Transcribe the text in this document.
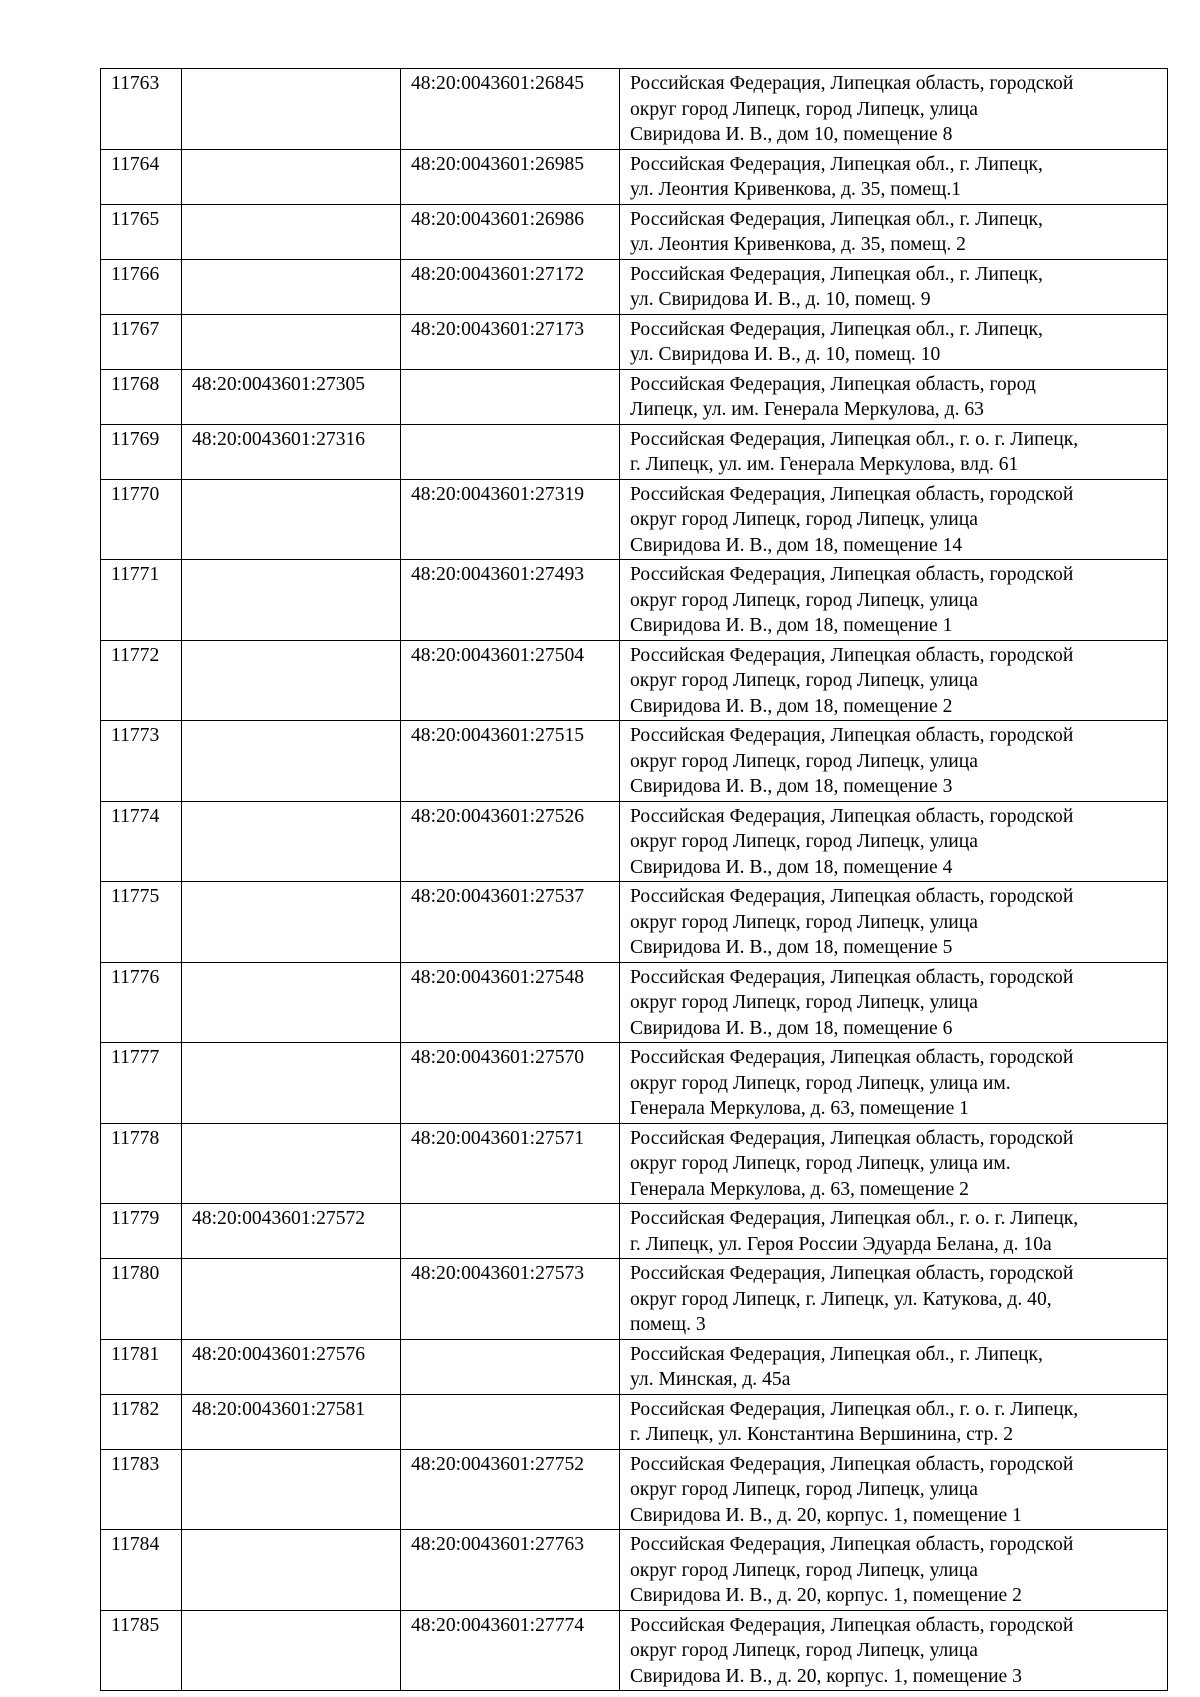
11763		48:20:0043601:26845	Российская Федерация, Липецкая область, городской
округ город Липецк, город Липецк, улица
Свиридова И. В., дом 10, помещение 8
11764		48:20:0043601:26985	Российская Федерация, Липецкая обл., г. Липецк,
ул. Леонтия Кривенкова, д. 35, помещ.1
11765		48:20:0043601:26986	Российская Федерация, Липецкая обл., г. Липецк,
ул. Леонтия Кривенкова, д. 35, помещ. 2
11766		48:20:0043601:27172	Российская Федерация, Липецкая обл., г. Липецк,
ул. Свиридова И. В., д. 10, помещ. 9
11767		48:20:0043601:27173	Российская Федерация, Липецкая обл., г. Липецк,
ул. Свиридова И. В., д. 10, помещ. 10
11768	48:20:0043601:27305		Российская Федерация, Липецкая область, город
Липецк, ул. им. Генерала Меркулова, д. 63
11769	48:20:0043601:27316		Российская Федерация, Липецкая обл., г. о. г. Липецк,
г. Липецк, ул. им. Генерала Меркулова, влд. 61
11770		48:20:0043601:27319	Российская Федерация, Липецкая область, городской
округ город Липецк, город Липецк, улица
Свиридова И. В., дом 18, помещение 14
11771		48:20:0043601:27493	Российская Федерация, Липецкая область, городской
округ город Липецк, город Липецк, улица
Свиридова И. В., дом 18, помещение 1
11772		48:20:0043601:27504	Российская Федерация, Липецкая область, городской
округ город Липецк, город Липецк, улица
Свиридова И. В., дом 18, помещение 2
11773		48:20:0043601:27515	Российская Федерация, Липецкая область, городской
округ город Липецк, город Липецк, улица
Свиридова И. В., дом 18, помещение 3
11774		48:20:0043601:27526	Российская Федерация, Липецкая область, городской
округ город Липецк, город Липецк, улица
Свиридова И. В., дом 18, помещение 4
11775		48:20:0043601:27537	Российская Федерация, Липецкая область, городской
округ город Липецк, город Липецк, улица
Свиридова И. В., дом 18, помещение 5
11776		48:20:0043601:27548	Российская Федерация, Липецкая область, городской
округ город Липецк, город Липецк, улица
Свиридова И. В., дом 18, помещение 6
11777		48:20:0043601:27570	Российская Федерация, Липецкая область, городской
округ город Липецк, город Липецк, улица им.
Генерала Меркулова, д. 63, помещение 1
11778		48:20:0043601:27571	Российская Федерация, Липецкая область, городской
округ город Липецк, город Липецк, улица им.
Генерала Меркулова, д. 63, помещение 2
11779	48:20:0043601:27572		Российская Федерация, Липецкая обл., г. о. г. Липецк,
г. Липецк, ул. Героя России Эдуарда Белана, д. 10а
11780		48:20:0043601:27573	Российская Федерация, Липецкая область, городской
округ город Липецк, г. Липецк, ул. Катукова, д. 40,
помещ. 3
11781	48:20:0043601:27576		Российская Федерация, Липецкая обл., г. Липецк,
ул. Минская, д. 45а
11782	48:20:0043601:27581		Российская Федерация, Липецкая обл., г. о. г. Липецк,
г. Липецк, ул. Константина Вершинина, стр. 2
11783		48:20:0043601:27752	Российская Федерация, Липецкая область, городской
округ город Липецк, город Липецк, улица
Свиридова И. В., д. 20, корпус. 1, помещение 1
11784		48:20:0043601:27763	Российская Федерация, Липецкая область, городской
округ город Липецк, город Липецк, улица
Свиридова И. В., д. 20, корпус. 1, помещение 2
11785		48:20:0043601:27774	Российская Федерация, Липецкая область, городской
округ город Липецк, город Липецк, улица
Свиридова И. В., д. 20, корпус. 1, помещение 3
